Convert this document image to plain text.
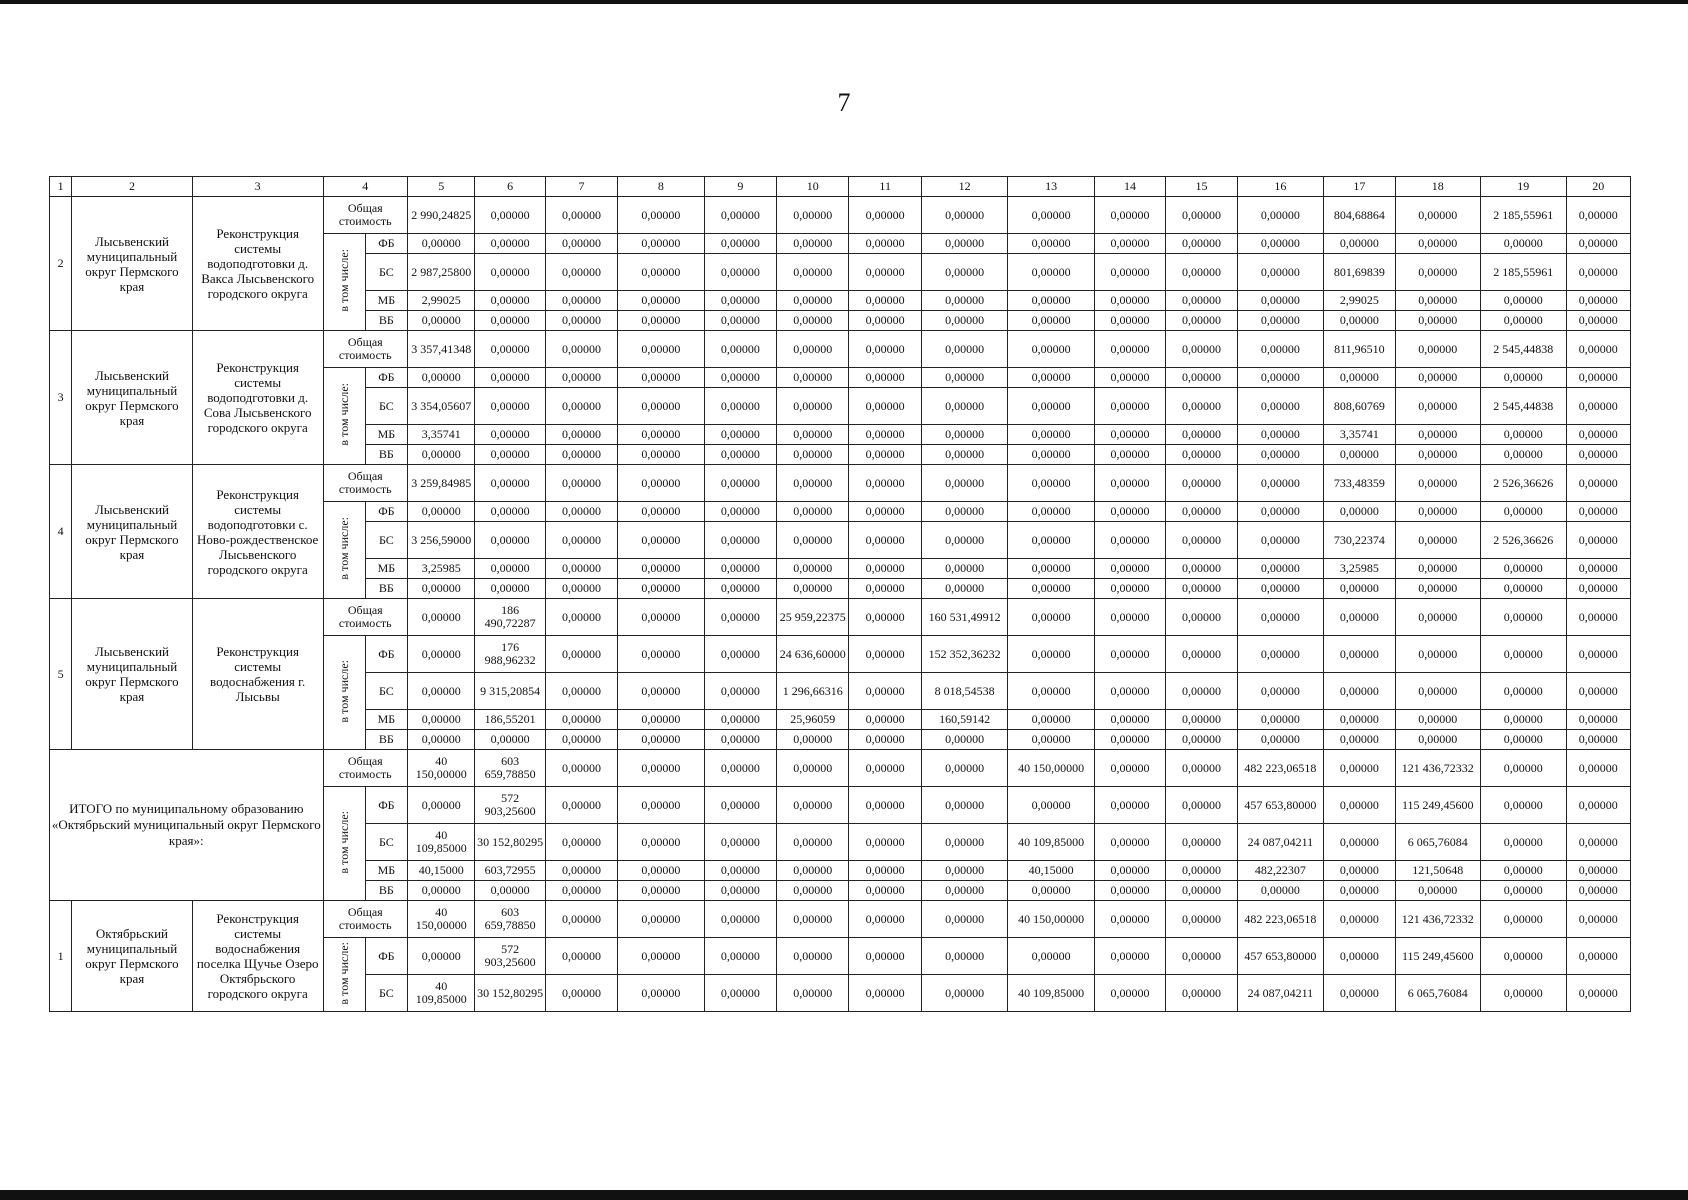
7
1	2	3	4		5	6	7	8	9	10	11	12	13	14	15	16	17	18	19	20
2	Лысьвенский муниципальный округ Пермского края	Реконструкция системы водоподготовки д. Вакса Лысьвенского городского округа	Общая стоимость		2 990,24825	0,00000	0,00000	0,00000	0,00000	0,00000	0,00000	0,00000	0,00000	0,00000	0,00000	0,00000	804,68864	0,00000	2 185,55961	0,00000
			в том числе:	ФБ	0,00000	0,00000	0,00000	0,00000	0,00000	0,00000	0,00000	0,00000	0,00000	0,00000	0,00000	0,00000	0,00000	0,00000	0,00000	0,00000
				БС	2 987,25800	0,00000	0,00000	0,00000	0,00000	0,00000	0,00000	0,00000	0,00000	0,00000	0,00000	0,00000	801,69839	0,00000	2 185,55961	0,00000
				МБ	2,99025	0,00000	0,00000	0,00000	0,00000	0,00000	0,00000	0,00000	0,00000	0,00000	0,00000	0,00000	2,99025	0,00000	0,00000	0,00000
				ВБ	0,00000	0,00000	0,00000	0,00000	0,00000	0,00000	0,00000	0,00000	0,00000	0,00000	0,00000	0,00000	0,00000	0,00000	0,00000	0,00000
3	Лысьвенский муниципальный округ Пермского края	Реконструкция системы водоподготовки д. Сова Лысьвенского городского округа	Общая стоимость		3 357,41348	0,00000	0,00000	0,00000	0,00000	0,00000	0,00000	0,00000	0,00000	0,00000	0,00000	0,00000	811,96510	0,00000	2 545,44838	0,00000
			в том числе:	ФБ	0,00000	0,00000	0,00000	0,00000	0,00000	0,00000	0,00000	0,00000	0,00000	0,00000	0,00000	0,00000	0,00000	0,00000	0,00000	0,00000
				БС	3 354,05607	0,00000	0,00000	0,00000	0,00000	0,00000	0,00000	0,00000	0,00000	0,00000	0,00000	0,00000	808,60769	0,00000	2 545,44838	0,00000
				МБ	3,35741	0,00000	0,00000	0,00000	0,00000	0,00000	0,00000	0,00000	0,00000	0,00000	0,00000	0,00000	3,35741	0,00000	0,00000	0,00000
				ВБ	0,00000	0,00000	0,00000	0,00000	0,00000	0,00000	0,00000	0,00000	0,00000	0,00000	0,00000	0,00000	0,00000	0,00000	0,00000	0,00000
4	Лысьвенский муниципальный округ Пермского края	Реконструкция системы водоподготовки с. Ново-рождественское Лысьвенского городского округа	Общая стоимость		3 259,84985	0,00000	0,00000	0,00000	0,00000	0,00000	0,00000	0,00000	0,00000	0,00000	0,00000	0,00000	733,48359	0,00000	2 526,36626	0,00000
			в том числе:	ФБ	0,00000	0,00000	0,00000	0,00000	0,00000	0,00000	0,00000	0,00000	0,00000	0,00000	0,00000	0,00000	0,00000	0,00000	0,00000	0,00000
				БС	3 256,59000	0,00000	0,00000	0,00000	0,00000	0,00000	0,00000	0,00000	0,00000	0,00000	0,00000	0,00000	730,22374	0,00000	2 526,36626	0,00000
				МБ	3,25985	0,00000	0,00000	0,00000	0,00000	0,00000	0,00000	0,00000	0,00000	0,00000	0,00000	0,00000	3,25985	0,00000	0,00000	0,00000
				ВБ	0,00000	0,00000	0,00000	0,00000	0,00000	0,00000	0,00000	0,00000	0,00000	0,00000	0,00000	0,00000	0,00000	0,00000	0,00000	0,00000
5	Лысьвенский муниципальный округ Пермского края	Реконструкция системы водоснабжения г. Лысьвы	Общая стоимость		0,00000	186 490,72287	0,00000	0,00000	0,00000	25 959,22375	0,00000	160 531,49912	0,00000	0,00000	0,00000	0,00000	0,00000	0,00000	0,00000	0,00000
			в том числе:	ФБ	0,00000	176 988,96232	0,00000	0,00000	0,00000	24 636,60000	0,00000	152 352,36232	0,00000	0,00000	0,00000	0,00000	0,00000	0,00000	0,00000	0,00000
				БС	0,00000	9 315,20854	0,00000	0,00000	0,00000	1 296,66316	0,00000	8 018,54538	0,00000	0,00000	0,00000	0,00000	0,00000	0,00000	0,00000	0,00000
				МБ	0,00000	186,55201	0,00000	0,00000	0,00000	25,96059	0,00000	160,59142	0,00000	0,00000	0,00000	0,00000	0,00000	0,00000	0,00000	0,00000
				ВБ	0,00000	0,00000	0,00000	0,00000	0,00000	0,00000	0,00000	0,00000	0,00000	0,00000	0,00000	0,00000	0,00000	0,00000	0,00000	0,00000
ИТОГО по муниципальному образованию «Октябрьский муниципальный округ Пермского края»:			Общая стоимость		40 150,00000	603 659,78850	0,00000	0,00000	0,00000	0,00000	0,00000	0,00000	40 150,00000	0,00000	0,00000	482 223,06518	0,00000	121 436,72332	0,00000	0,00000
			в том числе:	ФБ	0,00000	572 903,25600	0,00000	0,00000	0,00000	0,00000	0,00000	0,00000	0,00000	0,00000	0,00000	457 653,80000	0,00000	115 249,45600	0,00000	0,00000
				БС	40 109,85000	30 152,80295	0,00000	0,00000	0,00000	0,00000	0,00000	0,00000	40 109,85000	0,00000	0,00000	24 087,04211	0,00000	6 065,76084	0,00000	0,00000
				МБ	40,15000	603,72955	0,00000	0,00000	0,00000	0,00000	0,00000	0,00000	40,15000	0,00000	0,00000	482,22307	0,00000	121,50648	0,00000	0,00000
				ВБ	0,00000	0,00000	0,00000	0,00000	0,00000	0,00000	0,00000	0,00000	0,00000	0,00000	0,00000	0,00000	0,00000	0,00000	0,00000	0,00000
1	Октябрьский муниципальный округ Пермского края	Реконструкция системы водоснабжения поселка Щучье Озеро Октябрьского городского округа	Общая стоимость		40 150,00000	603 659,78850	0,00000	0,00000	0,00000	0,00000	0,00000	0,00000	40 150,00000	0,00000	0,00000	482 223,06518	0,00000	121 436,72332	0,00000	0,00000
			в том числе:	ФБ	0,00000	572 903,25600	0,00000	0,00000	0,00000	0,00000	0,00000	0,00000	0,00000	0,00000	0,00000	457 653,80000	0,00000	115 249,45600	0,00000	0,00000
				БС	40 109,85000	30 152,80295	0,00000	0,00000	0,00000	0,00000	0,00000	0,00000	40 109,85000	0,00000	0,00000	24 087,04211	0,00000	6 065,76084	0,00000	0,00000
